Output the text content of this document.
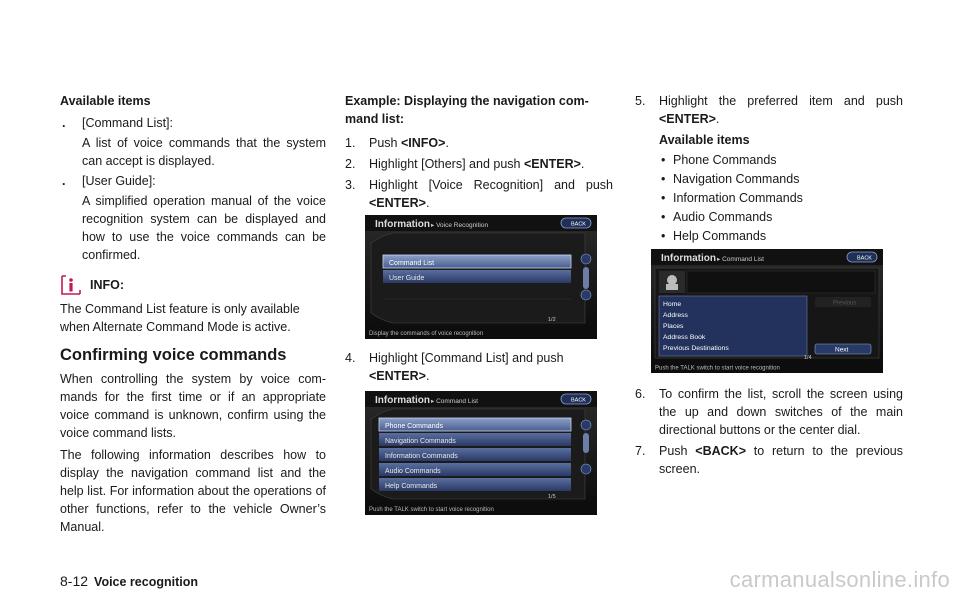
Available items

. [Command List]:
A list of voice commands that the system can accept is displayed.
. [User Guide]:
A simplified operation manual of the voice recognition system can be displayed and how to use the voice commands can be confirmed.
INFO:

The Command List feature is only available when Alternate Command Mode is active.

Confirming voice commands

When controlling the system by voice com- mands for the first time or if an appropriate voice command is unknown, confirm using the voice command lists.

The following information describes how to display the navigation command list and the help list. For information about the operations of other functions, refer to the vehicle Owner’s Manual.

Example: Displaying the navigation com- mand list:

1. Push <INFO>.
2. Highlight [Others] and push <ENTER>.
3. Highlight [Voice Recognition] and push <ENTER>.
Information ▸ Voice Recognition	BACK
Command List
User Guide
1/2
Display the commands of voice recognition
4. Highlight [Command List] and push <ENTER>.
Information ▸ Command List	BACK
Phone Commands
Navigation Commands
Information Commands
Audio Commands
Help Commands
1/5
Push the TALK switch to start voice recognition
5. Highlight the preferred item and push <ENTER>.
Available items
• Phone Commands
• Navigation Commands
• Information Commands
• Audio Commands
• Help Commands
Information ▸ Command List	BACK
Home
Address
Places
Address Book
Previous Destinations
Previous
Next
1/4
Push the TALK switch to start voice recognition
6. To confirm the list, scroll the screen using the up and down switches of the main directional buttons or the center dial.
7. Push <BACK> to return to the previous screen.
8-12 Voice recognition	carmanualsonline.info
